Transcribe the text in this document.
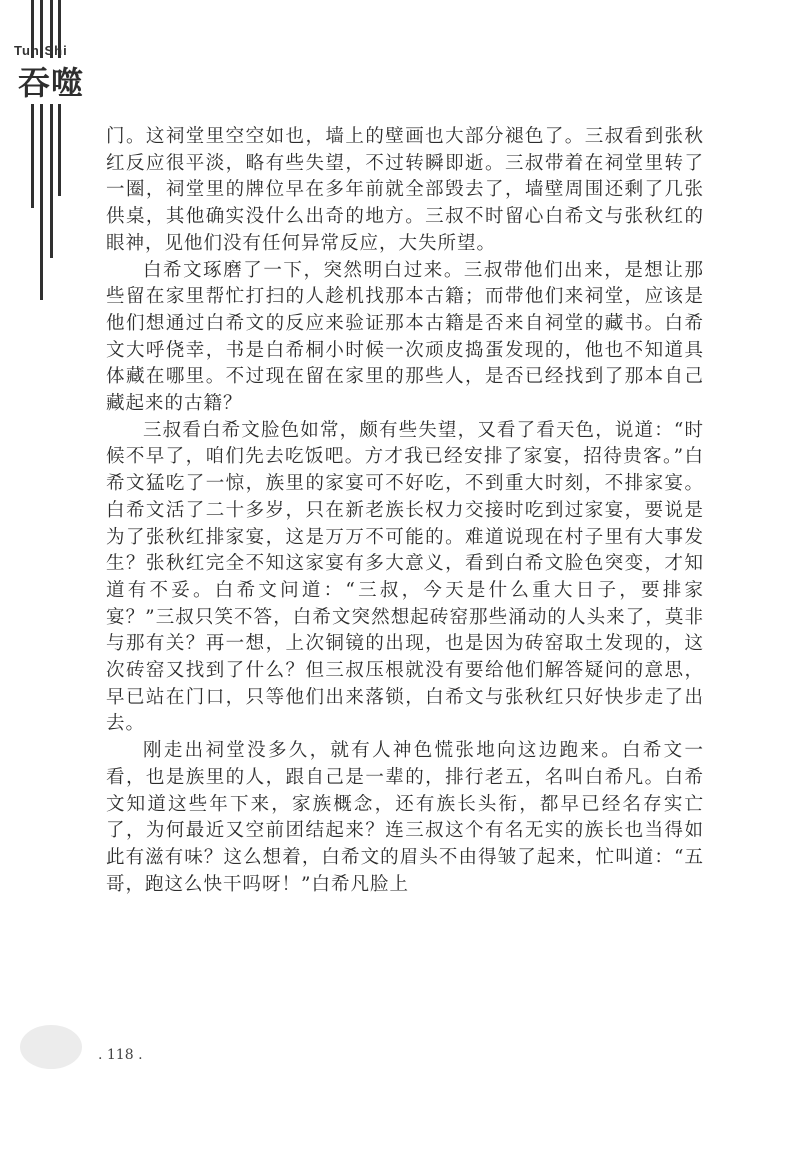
Tun Shi
吞噬

门。这祠堂里空空如也，墙上的壁画也大部分褪色了。三叔看到张秋红反应很平淡，略有些失望，不过转瞬即逝。三叔带着在祠堂里转了一圈，祠堂里的牌位早在多年前就全部毁去了，墙壁周围还剩了几张供桌，其他确实没什么出奇的地方。三叔不时留心白希文与张秋红的眼神，见他们没有任何异常反应，大失所望。

白希文琢磨了一下，突然明白过来。三叔带他们出来，是想让那些留在家里帮忙打扫的人趁机找那本古籍；而带他们来祠堂，应该是他们想通过白希文的反应来验证那本古籍是否来自祠堂的藏书。白希文大呼侥幸，书是白希桐小时候一次顽皮捣蛋发现的，他也不知道具体藏在哪里。不过现在留在家里的那些人，是否已经找到了那本自己藏起来的古籍？

三叔看白希文脸色如常，颇有些失望，又看了看天色，说道：“时候不早了，咱们先去吃饭吧。方才我已经安排了家宴，招待贵客。”白希文猛吃了一惊，族里的家宴可不好吃，不到重大时刻，不排家宴。白希文活了二十多岁，只在新老族长权力交接时吃到过家宴，要说是为了张秋红排家宴，这是万万不可能的。难道说现在村子里有大事发生？张秋红完全不知这家宴有多大意义，看到白希文脸色突变，才知道有不妥。白希文问道：“三叔，今天是什么重大日子，要排家宴？”三叔只笑不答，白希文突然想起砖窑那些涌动的人头来了，莫非与那有关？再一想，上次铜镜的出现，也是因为砖窑取土发现的，这次砖窑又找到了什么？但三叔压根就没有要给他们解答疑问的意思，早已站在门口，只等他们出来落锁，白希文与张秋红只好快步走了出去。

刚走出祠堂没多久，就有人神色慌张地向这边跑来。白希文一看，也是族里的人，跟自己是一辈的，排行老五，名叫白希凡。白希文知道这些年下来，家族概念，还有族长头衔，都早已经名存实亡了，为何最近又空前团结起来？连三叔这个有名无实的族长也当得如此有滋有味？这么想着，白希文的眉头不由得皱了起来，忙叫道：“五哥，跑这么快干吗呀！”白希凡脸上

. 118 .
